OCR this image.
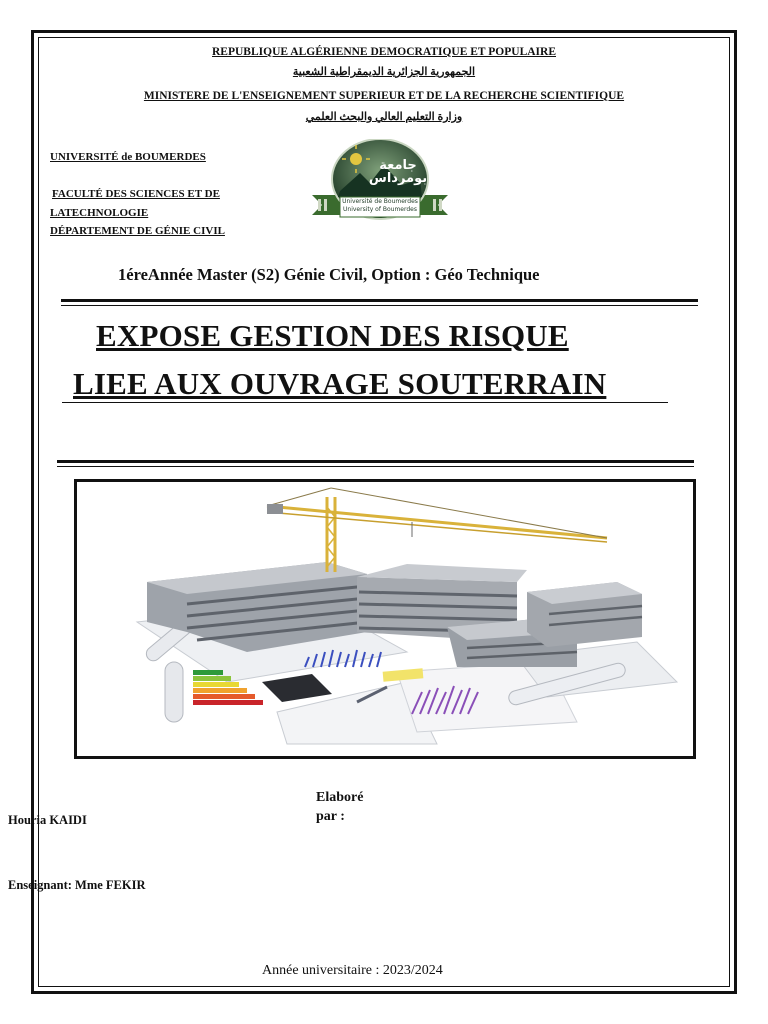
REPUBLIQUE ALGÉRIENNE DEMOCRATIQUE ET POPULAIRE
الجمهورية الجزائرية الديمقراطية الشعبية
MINISTERE DE L'ENSEIGNEMENT SUPERIEUR ET DE LA RECHERCHE SCIENTIFIQUE
وزارة التعليم العالي والبحث العلمي
UNIVERSITÉ de BOUMERDES
FACULTÉ DES SCIENCES ET DE
LATECHNOLOGIE
DÉPARTEMENT DE GÉNIE CIVIL
جامعة بومرداس
Université de Boumerdes
University of Boumerdes
1éreAnnée Master (S2) Génie Civil, Option : Géo Technique
EXPOSE GESTION DES RISQUE
LIEE AUX OUVRAGE SOUTERRAIN
Elaboré
par :
Houria KAIDI
Enseignant: Mme FEKIR
Année universitaire : 2023/2024
